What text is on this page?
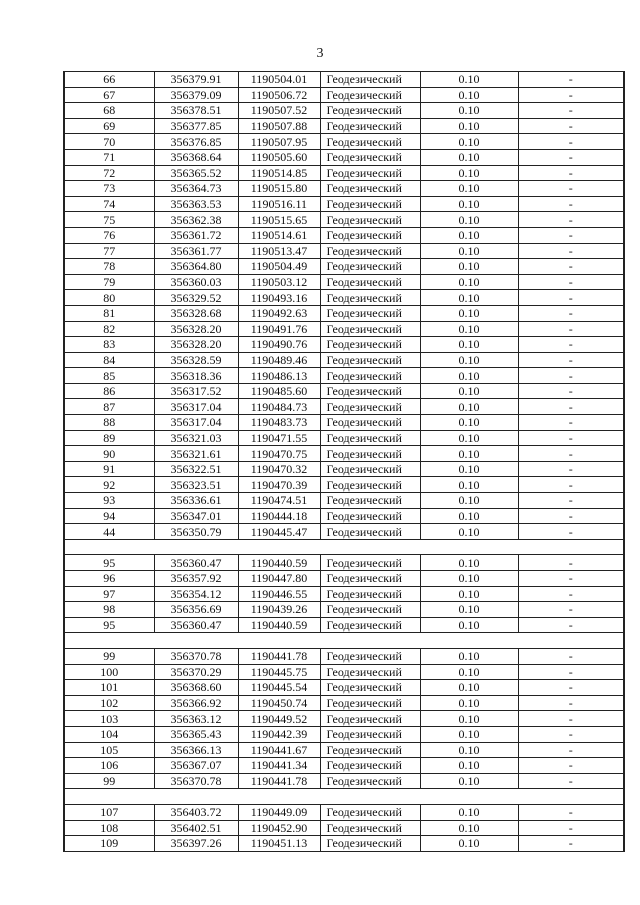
3
66	356379.91	1190504.01	Геодезический	0.10	-
67	356379.09	1190506.72	Геодезический	0.10	-
68	356378.51	1190507.52	Геодезический	0.10	-
69	356377.85	1190507.88	Геодезический	0.10	-
70	356376.85	1190507.95	Геодезический	0.10	-
71	356368.64	1190505.60	Геодезический	0.10	-
72	356365.52	1190514.85	Геодезический	0.10	-
73	356364.73	1190515.80	Геодезический	0.10	-
74	356363.53	1190516.11	Геодезический	0.10	-
75	356362.38	1190515.65	Геодезический	0.10	-
76	356361.72	1190514.61	Геодезический	0.10	-
77	356361.77	1190513.47	Геодезический	0.10	-
78	356364.80	1190504.49	Геодезический	0.10	-
79	356360.03	1190503.12	Геодезический	0.10	-
80	356329.52	1190493.16	Геодезический	0.10	-
81	356328.68	1190492.63	Геодезический	0.10	-
82	356328.20	1190491.76	Геодезический	0.10	-
83	356328.20	1190490.76	Геодезический	0.10	-
84	356328.59	1190489.46	Геодезический	0.10	-
85	356318.36	1190486.13	Геодезический	0.10	-
86	356317.52	1190485.60	Геодезический	0.10	-
87	356317.04	1190484.73	Геодезический	0.10	-
88	356317.04	1190483.73	Геодезический	0.10	-
89	356321.03	1190471.55	Геодезический	0.10	-
90	356321.61	1190470.75	Геодезический	0.10	-
91	356322.51	1190470.32	Геодезический	0.10	-
92	356323.51	1190470.39	Геодезический	0.10	-
93	356336.61	1190474.51	Геодезический	0.10	-
94	356347.01	1190444.18	Геодезический	0.10	-
44	356350.79	1190445.47	Геодезический	0.10	-

95	356360.47	1190440.59	Геодезический	0.10	-
96	356357.92	1190447.80	Геодезический	0.10	-
97	356354.12	1190446.55	Геодезический	0.10	-
98	356356.69	1190439.26	Геодезический	0.10	-
95	356360.47	1190440.59	Геодезический	0.10	-

99	356370.78	1190441.78	Геодезический	0.10	-
100	356370.29	1190445.75	Геодезический	0.10	-
101	356368.60	1190445.54	Геодезический	0.10	-
102	356366.92	1190450.74	Геодезический	0.10	-
103	356363.12	1190449.52	Геодезический	0.10	-
104	356365.43	1190442.39	Геодезический	0.10	-
105	356366.13	1190441.67	Геодезический	0.10	-
106	356367.07	1190441.34	Геодезический	0.10	-
99	356370.78	1190441.78	Геодезический	0.10	-

107	356403.72	1190449.09	Геодезический	0.10	-
108	356402.51	1190452.90	Геодезический	0.10	-
109	356397.26	1190451.13	Геодезический	0.10	-
